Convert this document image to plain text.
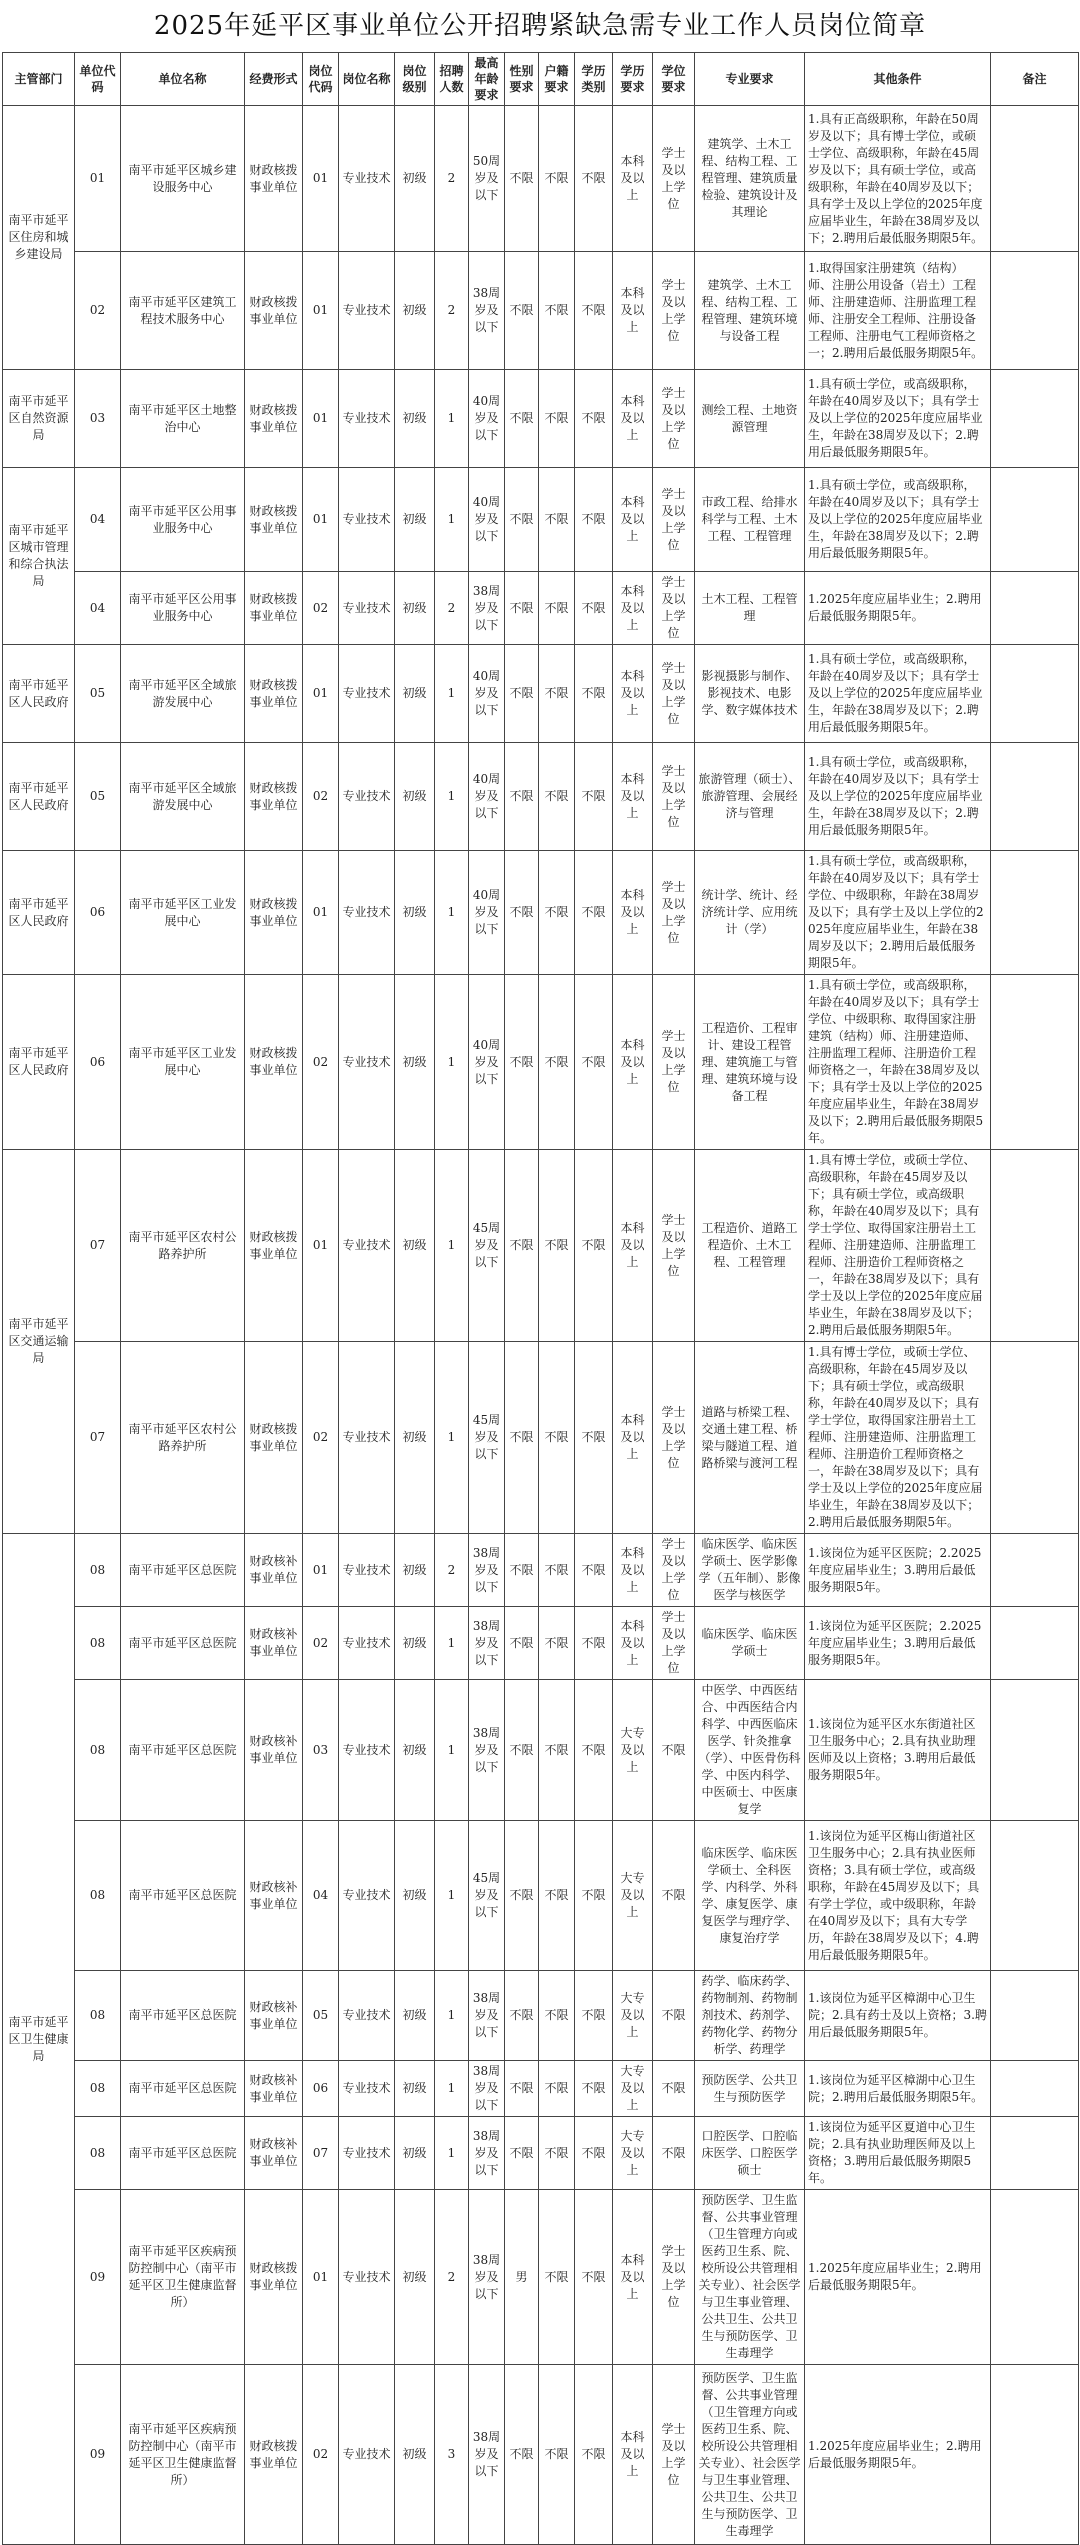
2025年延平区事业单位公开招聘紧缺急需专业工作人员岗位简章
主管部门	单位代码	单位名称	经费形式	岗位代码	岗位名称	岗位级别	招聘人数	最高年龄要求	性别要求	户籍要求	学历类别	学历要求	学位要求	专业要求	其他条件	备注
南平市延平区住房和城乡建设局	01	南平市延平区城乡建设服务中心	财政核拨事业单位	01	专业技术	初级	2	50周岁及以下	不限	不限	不限	本科及以上	学士及以上学位	建筑学、土木工程、结构工程、工程管理、建筑质量检验、建筑设计及其理论	1.具有正高级职称，年龄在50周岁及以下；具有博士学位，或硕士学位、高级职称，年龄在45周岁及以下；具有硕士学位，或高级职称，年龄在40周岁及以下；具有学士及以上学位的2025年度应届毕业生，年龄在38周岁及以下；2.聘用后最低服务期限5年。	
	02	南平市延平区建筑工程技术服务中心	财政核拨事业单位	01	专业技术	初级	2	38周岁及以下	不限	不限	不限	本科及以上	学士及以上学位	建筑学、土木工程、结构工程、工程管理、建筑环境与设备工程	1.取得国家注册建筑（结构）师、注册公用设备（岩土）工程师、注册建造师、注册监理工程师、注册安全工程师、注册设备工程师、注册电气工程师资格之一；2.聘用后最低服务期限5年。	
南平市延平区自然资源局	03	南平市延平区土地整治中心	财政核拨事业单位	01	专业技术	初级	1	40周岁及以下	不限	不限	不限	本科及以上	学士及以上学位	测绘工程、土地资源管理	1.具有硕士学位，或高级职称，年龄在40周岁及以下；具有学士及以上学位的2025年度应届毕业生，年龄在38周岁及以下；2.聘用后最低服务期限5年。	
南平市延平区城市管理和综合执法局	04	南平市延平区公用事业服务中心	财政核拨事业单位	01	专业技术	初级	1	40周岁及以下	不限	不限	不限	本科及以上	学士及以上学位	市政工程、给排水科学与工程、土木工程、工程管理	1.具有硕士学位，或高级职称，年龄在40周岁及以下；具有学士及以上学位的2025年度应届毕业生，年龄在38周岁及以下；2.聘用后最低服务期限5年。	
	04	南平市延平区公用事业服务中心	财政核拨事业单位	02	专业技术	初级	2	38周岁及以下	不限	不限	不限	本科及以上	学士及以上学位	土木工程、工程管理	1.2025年度应届毕业生；2.聘用后最低服务期限5年。	
南平市延平区人民政府	05	南平市延平区全域旅游发展中心	财政核拨事业单位	01	专业技术	初级	1	40周岁及以下	不限	不限	不限	本科及以上	学士及以上学位	影视摄影与制作、影视技术、电影学、数字媒体技术	1.具有硕士学位，或高级职称，年龄在40周岁及以下；具有学士及以上学位的2025年度应届毕业生，年龄在38周岁及以下；2.聘用后最低服务期限5年。	
南平市延平区人民政府	05	南平市延平区全域旅游发展中心	财政核拨事业单位	02	专业技术	初级	1	40周岁及以下	不限	不限	不限	本科及以上	学士及以上学位	旅游管理（硕士）、旅游管理、会展经济与管理	1.具有硕士学位，或高级职称，年龄在40周岁及以下；具有学士及以上学位的2025年度应届毕业生，年龄在38周岁及以下；2.聘用后最低服务期限5年。	
南平市延平区人民政府	06	南平市延平区工业发展中心	财政核拨事业单位	01	专业技术	初级	1	40周岁及以下	不限	不限	不限	本科及以上	学士及以上学位	统计学、统计、经济统计学、应用统计（学）	1.具有硕士学位，或高级职称，年龄在40周岁及以下；具有学士学位、中级职称，年龄在38周岁及以下；具有学士及以上学位的2025年度应届毕业生，年龄在38周岁及以下；2.聘用后最低服务期限5年。	
南平市延平区人民政府	06	南平市延平区工业发展中心	财政核拨事业单位	02	专业技术	初级	1	40周岁及以下	不限	不限	不限	本科及以上	学士及以上学位	工程造价、工程审计、建设工程管理、建筑施工与管理、建筑环境与设备工程	1.具有硕士学位，或高级职称，年龄在40周岁及以下；具有学士学位、中级职称、取得国家注册建筑（结构）师、注册建造师、注册监理工程师、注册造价工程师资格之一，年龄在38周岁及以下；具有学士及以上学位的2025年度应届毕业生，年龄在38周岁及以下；2.聘用后最低服务期限5年。	
南平市延平区交通运输局	07	南平市延平区农村公路养护所	财政核拨事业单位	01	专业技术	初级	1	45周岁及以下	不限	不限	不限	本科及以上	学士及以上学位	工程造价、道路工程造价、土木工程、工程管理	1.具有博士学位，或硕士学位、高级职称，年龄在45周岁及以下；具有硕士学位，或高级职称，年龄在40周岁及以下；具有学士学位、取得国家注册岩土工程师、注册建造师、注册监理工程师、注册造价工程师资格之一，年龄在38周岁及以下；具有学士及以上学位的2025年度应届毕业生，年龄在38周岁及以下；2.聘用后最低服务期限5年。	
	07	南平市延平区农村公路养护所	财政核拨事业单位	02	专业技术	初级	1	45周岁及以下	不限	不限	不限	本科及以上	学士及以上学位	道路与桥梁工程、交通土建工程、桥梁与隧道工程、道路桥梁与渡河工程	1.具有博士学位，或硕士学位、高级职称，年龄在45周岁及以下；具有硕士学位，或高级职称，年龄在40周岁及以下；具有学士学位，取得国家注册岩土工程师、注册建造师、注册监理工程师、注册造价工程师资格之一，年龄在38周岁及以下；具有学士及以上学位的2025年度应届毕业生，年龄在38周岁及以下；2.聘用后最低服务期限5年。	
南平市延平区卫生健康局	08	南平市延平区总医院	财政核补事业单位	01	专业技术	初级	2	38周岁及以下	不限	不限	不限	本科及以上	学士及以上学位	临床医学、临床医学硕士、医学影像学（五年制）、影像医学与核医学	1.该岗位为延平区医院；2.2025年度应届毕业生；3.聘用后最低服务期限5年。	
	08	南平市延平区总医院	财政核补事业单位	02	专业技术	初级	1	38周岁及以下	不限	不限	不限	本科及以上	学士及以上学位	临床医学、临床医学硕士	1.该岗位为延平区医院；2.2025年度应届毕业生；3.聘用后最低服务期限5年。	
	08	南平市延平区总医院	财政核补事业单位	03	专业技术	初级	1	38周岁及以下	不限	不限	不限	大专及以上	不限	中医学、中西医结合、中西医结合内科学、中西医临床医学、针灸推拿（学）、中医骨伤科学、中医内科学、中医硕士、中医康复学	1.该岗位为延平区水东街道社区卫生服务中心；2.具有执业助理医师及以上资格；3.聘用后最低服务期限5年。	
	08	南平市延平区总医院	财政核补事业单位	04	专业技术	初级	1	45周岁及以下	不限	不限	不限	大专及以上	不限	临床医学、临床医学硕士、全科医学、内科学、外科学、康复医学、康复医学与理疗学、康复治疗学	1.该岗位为延平区梅山街道社区卫生服务中心；2.具有执业医师资格；3.具有硕士学位，或高级职称，年龄在45周岁及以下；具有学士学位，或中级职称，年龄在40周岁及以下；具有大专学历，年龄在38周岁及以下；4.聘用后最低服务期限5年。	
	08	南平市延平区总医院	财政核补事业单位	05	专业技术	初级	1	38周岁及以下	不限	不限	不限	大专及以上	不限	药学、临床药学、药物制剂、药物制剂技术、药剂学、药物化学、药物分析学、药理学	1.该岗位为延平区樟湖中心卫生院；2.具有药士及以上资格；3.聘用后最低服务期限5年。	
	08	南平市延平区总医院	财政核补事业单位	06	专业技术	初级	1	38周岁及以下	不限	不限	不限	大专及以上	不限	预防医学、公共卫生与预防医学	1.该岗位为延平区樟湖中心卫生院；2.聘用后最低服务期限5年。	
	08	南平市延平区总医院	财政核补事业单位	07	专业技术	初级	1	38周岁及以下	不限	不限	不限	大专及以上	不限	口腔医学、口腔临床医学、口腔医学硕士	1.该岗位为延平区夏道中心卫生院；2.具有执业助理医师及以上资格；3.聘用后最低服务期限5年。	
	09	南平市延平区疾病预防控制中心（南平市延平区卫生健康监督所）	财政核拨事业单位	01	专业技术	初级	2	38周岁及以下	男	不限	不限	本科及以上	学士及以上学位	预防医学、卫生监督、公共事业管理（卫生管理方向或医药卫生系、院、校所设公共管理相关专业）、社会医学与卫生事业管理、公共卫生、公共卫生与预防医学、卫生毒理学	1.2025年度应届毕业生；2.聘用后最低服务期限5年。	
	09	南平市延平区疾病预防控制中心（南平市延平区卫生健康监督所）	财政核拨事业单位	02	专业技术	初级	3	38周岁及以下	不限	不限	不限	本科及以上	学士及以上学位	预防医学、卫生监督、公共事业管理（卫生管理方向或医药卫生系、院、校所设公共管理相关专业）、社会医学与卫生事业管理、公共卫生、公共卫生与预防医学、卫生毒理学	1.2025年度应届毕业生；2.聘用后最低服务期限5年。	
